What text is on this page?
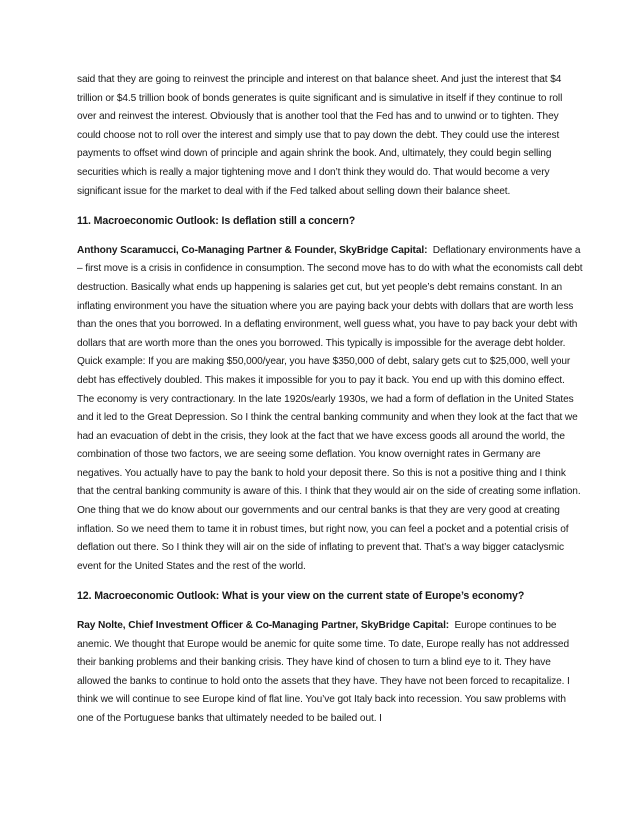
said that they are going to reinvest the principle and interest on that balance sheet. And just the interest that $4 trillion or $4.5 trillion book of bonds generates is quite significant and is simulative in itself if they continue to roll over and reinvest the interest. Obviously that is another tool that the Fed has and to unwind or to tighten. They could choose not to roll over the interest and simply use that to pay down the debt. They could use the interest payments to offset wind down of principle and again shrink the book. And, ultimately, they could begin selling securities which is really a major tightening move and I don’t think they would do. That would become a very significant issue for the market to deal with if the Fed talked about selling down their balance sheet.

11. Macroeconomic Outlook: Is deflation still a concern?

Anthony Scaramucci, Co-Managing Partner & Founder, SkyBridge Capital: Deflationary environments have a – first move is a crisis in confidence in consumption. The second move has to do with what the economists call debt destruction. Basically what ends up happening is salaries get cut, but yet people’s debt remains constant. In an inflating environment you have the situation where you are paying back your debts with dollars that are worth less than the ones that you borrowed. In a deflating environment, well guess what, you have to pay back your debt with dollars that are worth more than the ones you borrowed. This typically is impossible for the average debt holder. Quick example: If you are making $50,000/year, you have $350,000 of debt, salary gets cut to $25,000, well your debt has effectively doubled. This makes it impossible for you to pay it back. You end up with this domino effect. The economy is very contractionary. In the late 1920s/early 1930s, we had a form of deflation in the United States and it led to the Great Depression. So I think the central banking community and when they look at the fact that we had an evacuation of debt in the crisis, they look at the fact that we have excess goods all around the world, the combination of those two factors, we are seeing some deflation. You know overnight rates in Germany are negatives. You actually have to pay the bank to hold your deposit there. So this is not a positive thing and I think that the central banking community is aware of this. I think that they would air on the side of creating some inflation. One thing that we do know about our governments and our central banks is that they are very good at creating inflation. So we need them to tame it in robust times, but right now, you can feel a pocket and a potential crisis of deflation out there. So I think they will air on the side of inflating to prevent that. That’s a way bigger cataclysmic event for the United States and the rest of the world.

12. Macroeconomic Outlook: What is your view on the current state of Europe’s economy?

Ray Nolte, Chief Investment Officer & Co-Managing Partner, SkyBridge Capital: Europe continues to be anemic. We thought that Europe would be anemic for quite some time. To date, Europe really has not addressed their banking problems and their banking crisis. They have kind of chosen to turn a blind eye to it. They have allowed the banks to continue to hold onto the assets that they have. They have not been forced to recapitalize. I think we will continue to see Europe kind of flat line. You’ve got Italy back into recession. You saw problems with one of the Portuguese banks that ultimately needed to be bailed out. I
